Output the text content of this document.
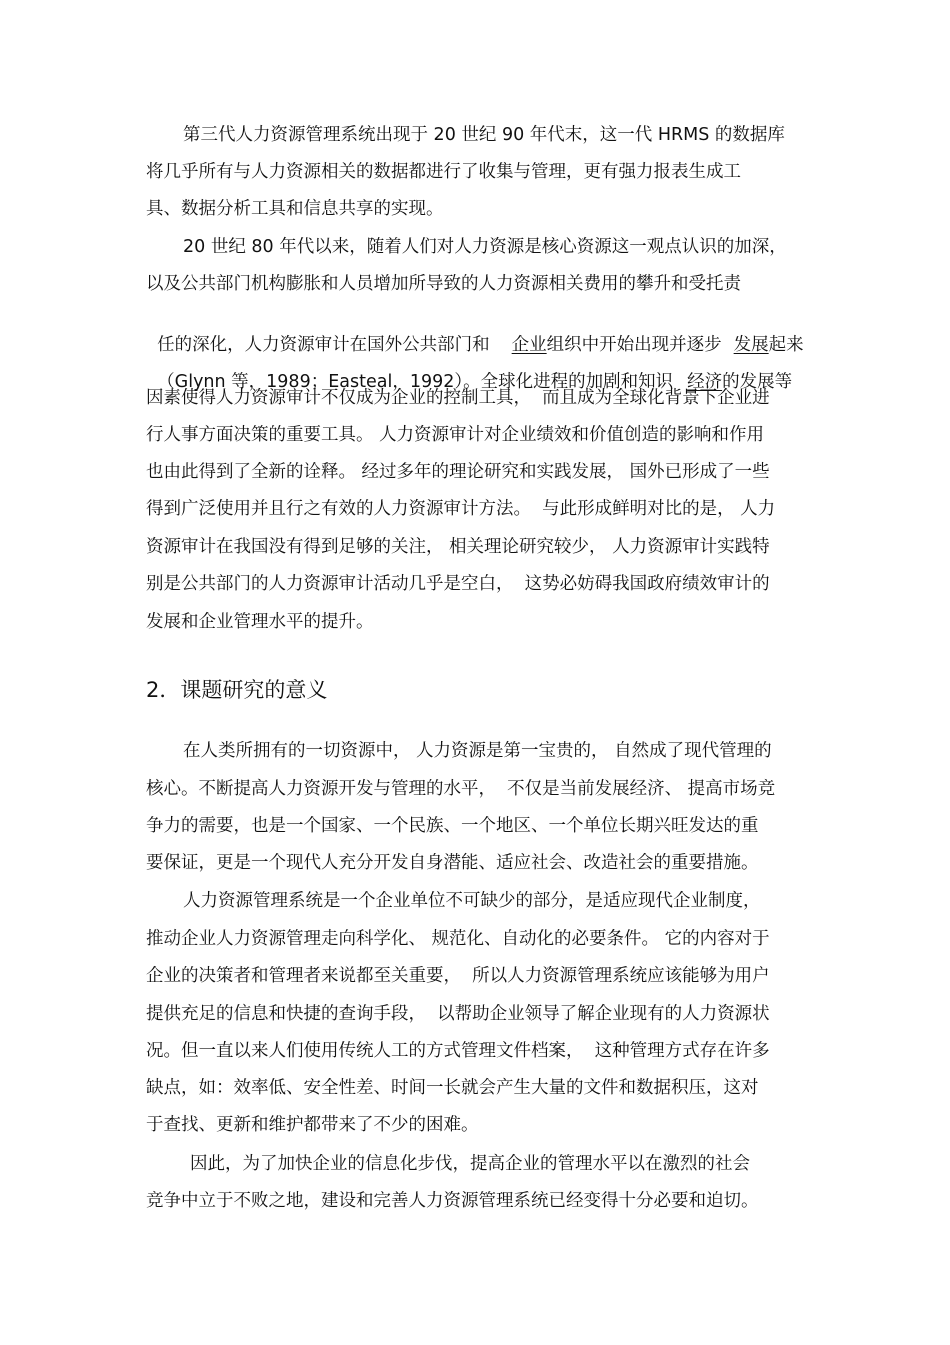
第三代人力资源管理系统出现于 20 世纪 90 年代末，这一代 HRMS 的数据库
将几乎所有与人力资源相关的数据都进行了收集与管理，更有强力报表生成工
具、数据分析工具和信息共享的实现。
20 世纪 80 年代以来，随着人们对人力资源是核心资源这一观点认识的加深，
以及公共部门机构膨胀和人员增加所导致的人力资源相关费用的攀升和受托责

任的深化，人力资源审计在国外公共部门和 企业组织中开始出现并逐步 发展起来

（Glynn 等，1989；Easteal，1992）。全球化进程的加剧和知识 经济的发展等

因素使得人力资源审计不仅成为企业的控制工具，  而且成为全球化背景下企业进
行人事方面决策的重要工具。 人力资源审计对企业绩效和价值创造的影响和作用
也由此得到了全新的诠释。 经过多年的理论研究和实践发展， 国外已形成了一些
得到广泛使用并且行之有效的人力资源审计方法。  与此形成鲜明对比的是， 人力
资源审计在我国没有得到足够的关注， 相关理论研究较少， 人力资源审计实践特
别是公共部门的人力资源审计活动几乎是空白，  这势必妨碍我国政府绩效审计的
发展和企业管理水平的提升。
2．课题研究的意义
在人类所拥有的一切资源中， 人力资源是第一宝贵的， 自然成了现代管理的
核心。不断提高人力资源开发与管理的水平，  不仅是当前发展经济、 提高市场竞
争力的需要，也是一个国家、一个民族、一个地区、一个单位长期兴旺发达的重
要保证，更是一个现代人充分开发自身潜能、适应社会、改造社会的重要措施。
人力资源管理系统是一个企业单位不可缺少的部分，是适应现代企业制度，
推动企业人力资源管理走向科学化、 规范化、自动化的必要条件。 它的内容对于
企业的决策者和管理者来说都至关重要，  所以人力资源管理系统应该能够为用户
提供充足的信息和快捷的查询手段，  以帮助企业领导了解企业现有的人力资源状
况。但一直以来人们使用传统人工的方式管理文件档案，  这种管理方式存在许多
缺点，如：效率低、安全性差、时间一长就会产生大量的文件和数据积压，这对
于查找、更新和维护都带来了不少的困难。
因此，为了加快企业的信息化步伐，提高企业的管理水平以在激烈的社会
竞争中立于不败之地，建设和完善人力资源管理系统已经变得十分必要和迫切。
